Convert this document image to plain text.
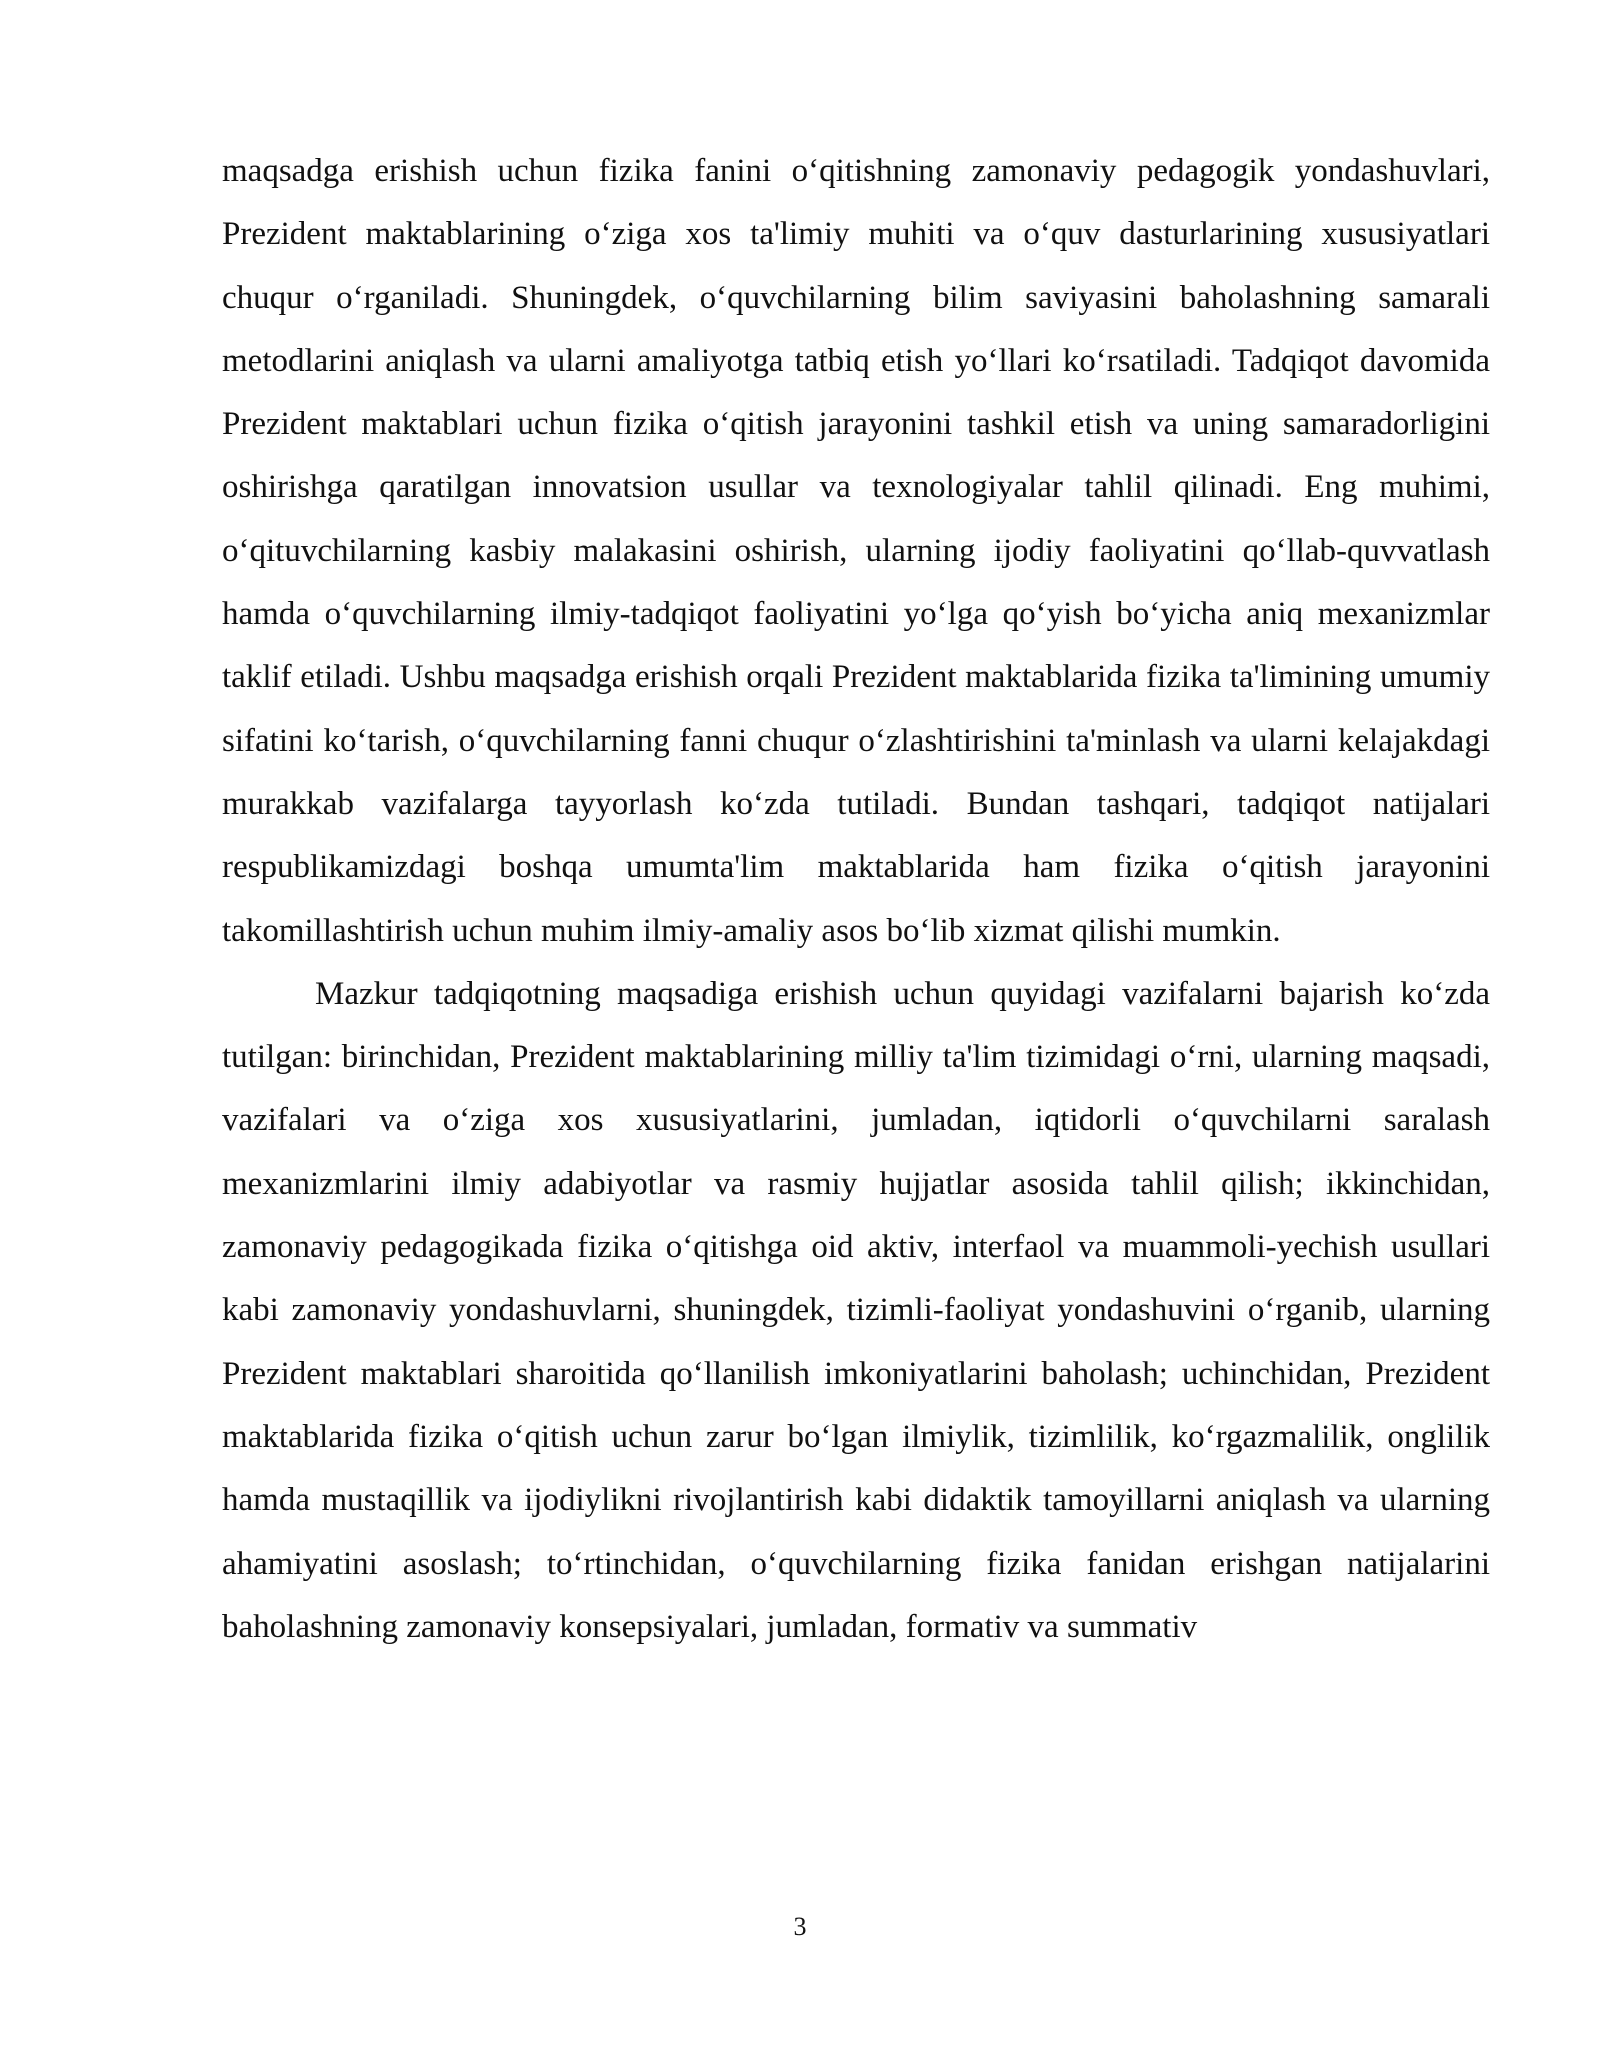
maqsadga erishish uchun fizika fanini o‘qitishning zamonaviy pedagogik yondashuvlari, Prezident maktablarining o‘ziga xos ta'limiy muhiti va o‘quv dasturlarining xususiyatlari chuqur o‘rganiladi. Shuningdek, o‘quvchilarning bilim saviyasini baholashning samarali metodlarini aniqlash va ularni amaliyotga tatbiq etish yo‘llari ko‘rsatiladi. Tadqiqot davomida Prezident maktablari uchun fizika o‘qitish jarayonini tashkil etish va uning samaradorligini oshirishga qaratilgan innovatsion usullar va texnologiyalar tahlil qilinadi. Eng muhimi, o‘qituvchilarning kasbiy malakasini oshirish, ularning ijodiy faoliyatini qo‘llab-quvvatlash hamda o‘quvchilarning ilmiy-tadqiqot faoliyatini yo‘lga qo‘yish bo‘yicha aniq mexanizmlar taklif etiladi. Ushbu maqsadga erishish orqali Prezident maktablarida fizika ta'limining umumiy sifatini ko‘tarish, o‘quvchilarning fanni chuqur o‘zlashtirishini ta'minlash va ularni kelajakdagi murakkab vazifalarga tayyorlash ko‘zda tutiladi. Bundan tashqari, tadqiqot natijalari respublikamizdagi boshqa umumta'lim maktablarida ham fizika o‘qitish jarayonini takomillashtirish uchun muhim ilmiy-amaliy asos bo‘lib xizmat qilishi mumkin.

Mazkur tadqiqotning maqsadiga erishish uchun quyidagi vazifalarni bajarish ko‘zda tutilgan: birinchidan, Prezident maktablarining milliy ta'lim tizimidagi o‘rni, ularning maqsadi, vazifalari va o‘ziga xos xususiyatlarini, jumladan, iqtidorli o‘quvchilarni saralash mexanizmlarini ilmiy adabiyotlar va rasmiy hujjatlar asosida tahlil qilish; ikkinchidan, zamonaviy pedagogikada fizika o‘qitishga oid aktiv, interfaol va muammoli-yechish usullari kabi zamonaviy yondashuvlarni, shuningdek, tizimli-faoliyat yondashuvini o‘rganib, ularning Prezident maktablari sharoitida qo‘llanilish imkoniyatlarini baholash; uchinchidan, Prezident maktablarida fizika o‘qitish uchun zarur bo‘lgan ilmiylik, tizimlilik, ko‘rgazmalilik, onglilik hamda mustaqillik va ijodiylikni rivojlantirish kabi didaktik tamoyillarni aniqlash va ularning ahamiyatini asoslash; to‘rtinchidan, o‘quvchilarning fizika fanidan erishgan natijalarini baholashning zamonaviy konsepsiyalari, jumladan, formativ va summativ

3
